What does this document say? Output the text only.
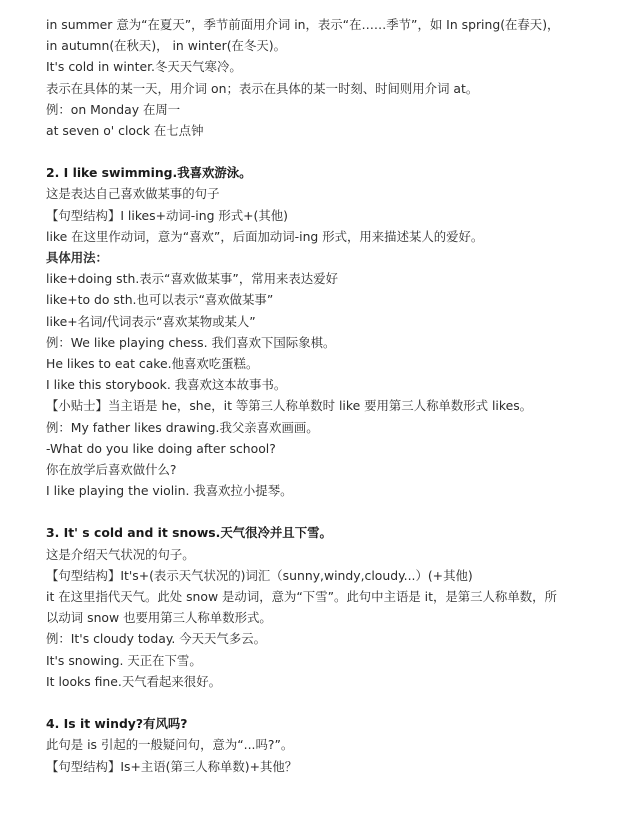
in summer 意为“在夏天”，季节前面用介词 in，表示“在……季节”，如 In spring(在春天)，in autumn(在秋天)， in winter(在冬天)。
It's cold in winter.冬天天气寒冷。
表示在具体的某一天，用介词 on；表示在具体的某一时刻、时间则用介词 at。
例：on Monday 在周一
at seven o' clock 在七点钟
2. I like swimming.我喜欢游泳。
这是表达自己喜欢做某事的句子
【句型结构】I likes+动词-ing 形式+(其他)
like 在这里作动词，意为“喜欢”，后面加动词-ing 形式，用来描述某人的爱好。
具体用法：
like+doing sth.表示“喜欢做某事”，常用来表达爱好
like+to do sth.也可以表示“喜欢做某事”
like+名词/代词表示“喜欢某物或某人”
例：We like playing chess. 我们喜欢下国际象棋。
He likes to eat cake.他喜欢吃蛋糕。
I like this storybook. 我喜欢这本故事书。
【小贴士】当主语是 he，she，it 等第三人称单数时 like 要用第三人称单数形式 likes。
例：My father likes drawing.我父亲喜欢画画。
-What do you like doing after school?
你在放学后喜欢做什么?
I like playing the violin. 我喜欢拉小提琴。
3. It' s cold and it snows.天气很冷并且下雪。
这是介绍天气状况的句子。
【句型结构】It's+(表示天气状况的)词汇（sunny,windy,cloudy...）(+其他)
it 在这里指代天气。此处 snow 是动词，意为“下雪”。此句中主语是 it，是第三人称单数，所以动词 snow 也要用第三人称单数形式。
例：It's cloudy today. 今天天气多云。
It's snowing. 天正在下雪。
It looks fine.天气看起来很好。
4. Is it windy?有风吗?
此句是 is 引起的一般疑问句，意为“...吗?”。
【句型结构】Is+主语(第三人称单数)+其他？
